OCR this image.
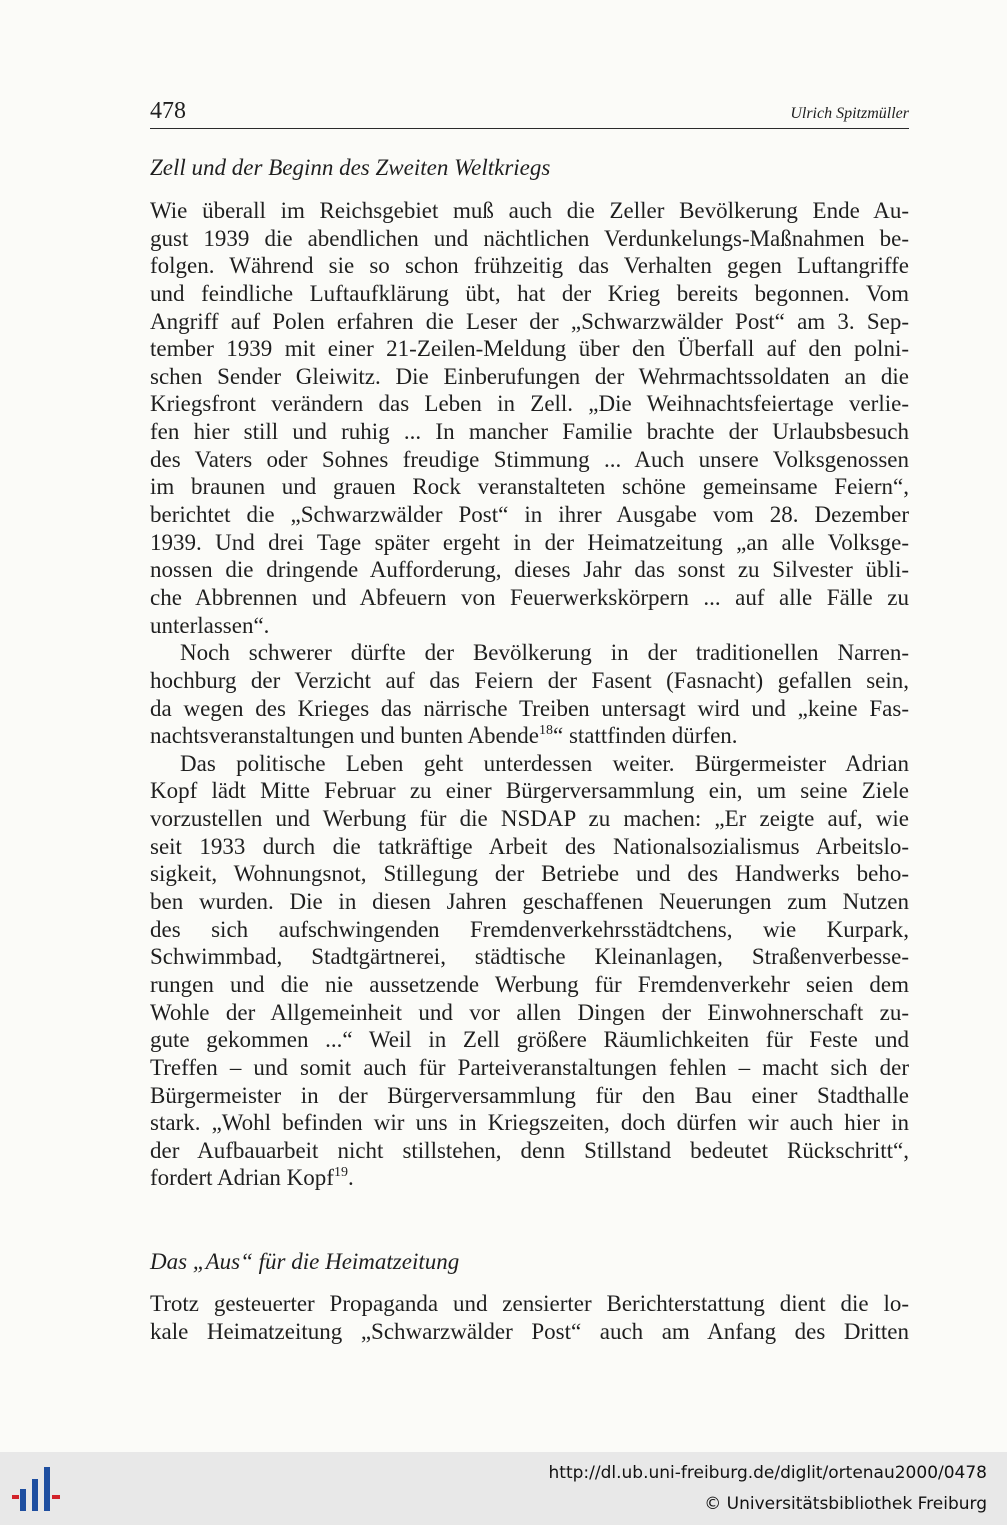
478	Ulrich Spitzmüller
Zell und der Beginn des Zweiten Weltkriegs
Wie überall im Reichsgebiet muß auch die Zeller Bevölkerung Ende Au-
gust 1939 die abendlichen und nächtlichen Verdunkelungs-Maßnahmen be-
folgen. Während sie so schon frühzeitig das Verhalten gegen Luftangriffe
und feindliche Luftaufklärung übt, hat der Krieg bereits begonnen. Vom
Angriff auf Polen erfahren die Leser der „Schwarzwälder Post“ am 3. Sep-
tember 1939 mit einer 21-Zeilen-Meldung über den Überfall auf den polni-
schen Sender Gleiwitz. Die Einberufungen der Wehrmachtssoldaten an die
Kriegsfront verändern das Leben in Zell. „Die Weihnachtsfeiertage verlie-
fen hier still und ruhig ... In mancher Familie brachte der Urlaubsbesuch
des Vaters oder Sohnes freudige Stimmung ... Auch unsere Volksgenossen
im braunen und grauen Rock veranstalteten schöne gemeinsame Feiern“,
berichtet die „Schwarzwälder Post“ in ihrer Ausgabe vom 28. Dezember
1939. Und drei Tage später ergeht in der Heimatzeitung „an alle Volksge-
nossen die dringende Aufforderung, dieses Jahr das sonst zu Silvester übli-
che Abbrennen und Abfeuern von Feuerwerkskörpern ... auf alle Fälle zu
unterlassen“.
Noch schwerer dürfte der Bevölkerung in der traditionellen Narren-
hochburg der Verzicht auf das Feiern der Fasent (Fasnacht) gefallen sein,
da wegen des Krieges das närrische Treiben untersagt wird und „keine Fas-
nachtsveranstaltungen und bunten Abende$^{18}$“ stattfinden dürfen.
Das politische Leben geht unterdessen weiter. Bürgermeister Adrian
Kopf lädt Mitte Februar zu einer Bürgerversammlung ein, um seine Ziele
vorzustellen und Werbung für die NSDAP zu machen: „Er zeigte auf, wie
seit 1933 durch die tatkräftige Arbeit des Nationalsozialismus Arbeitslo-
sigkeit, Wohnungsnot, Stillegung der Betriebe und des Handwerks beho-
ben wurden. Die in diesen Jahren geschaffenen Neuerungen zum Nutzen
des sich aufschwingenden Fremdenverkehrsstädtchens, wie Kurpark,
Schwimmbad, Stadtgärtnerei, städtische Kleinanlagen, Straßenverbesse-
rungen und die nie aussetzende Werbung für Fremdenverkehr seien dem
Wohle der Allgemeinheit und vor allen Dingen der Einwohnerschaft zu-
gute gekommen ...“ Weil in Zell größere Räumlichkeiten für Feste und
Treffen – und somit auch für Parteiveranstaltungen fehlen – macht sich der
Bürgermeister in der Bürgerversammlung für den Bau einer Stadthalle
stark. „Wohl befinden wir uns in Kriegszeiten, doch dürfen wir auch hier in
der Aufbauarbeit nicht stillstehen, denn Stillstand bedeutet Rückschritt“,
fordert Adrian Kopf$^{19}$.
Das „Aus“ für die Heimatzeitung
Trotz gesteuerter Propaganda und zensierter Berichterstattung dient die lo-
kale Heimatzeitung „Schwarzwälder Post“ auch am Anfang des Dritten
http://dl.ub.uni-freiburg.de/diglit/ortenau2000/0478
© Universitätsbibliothek Freiburg
